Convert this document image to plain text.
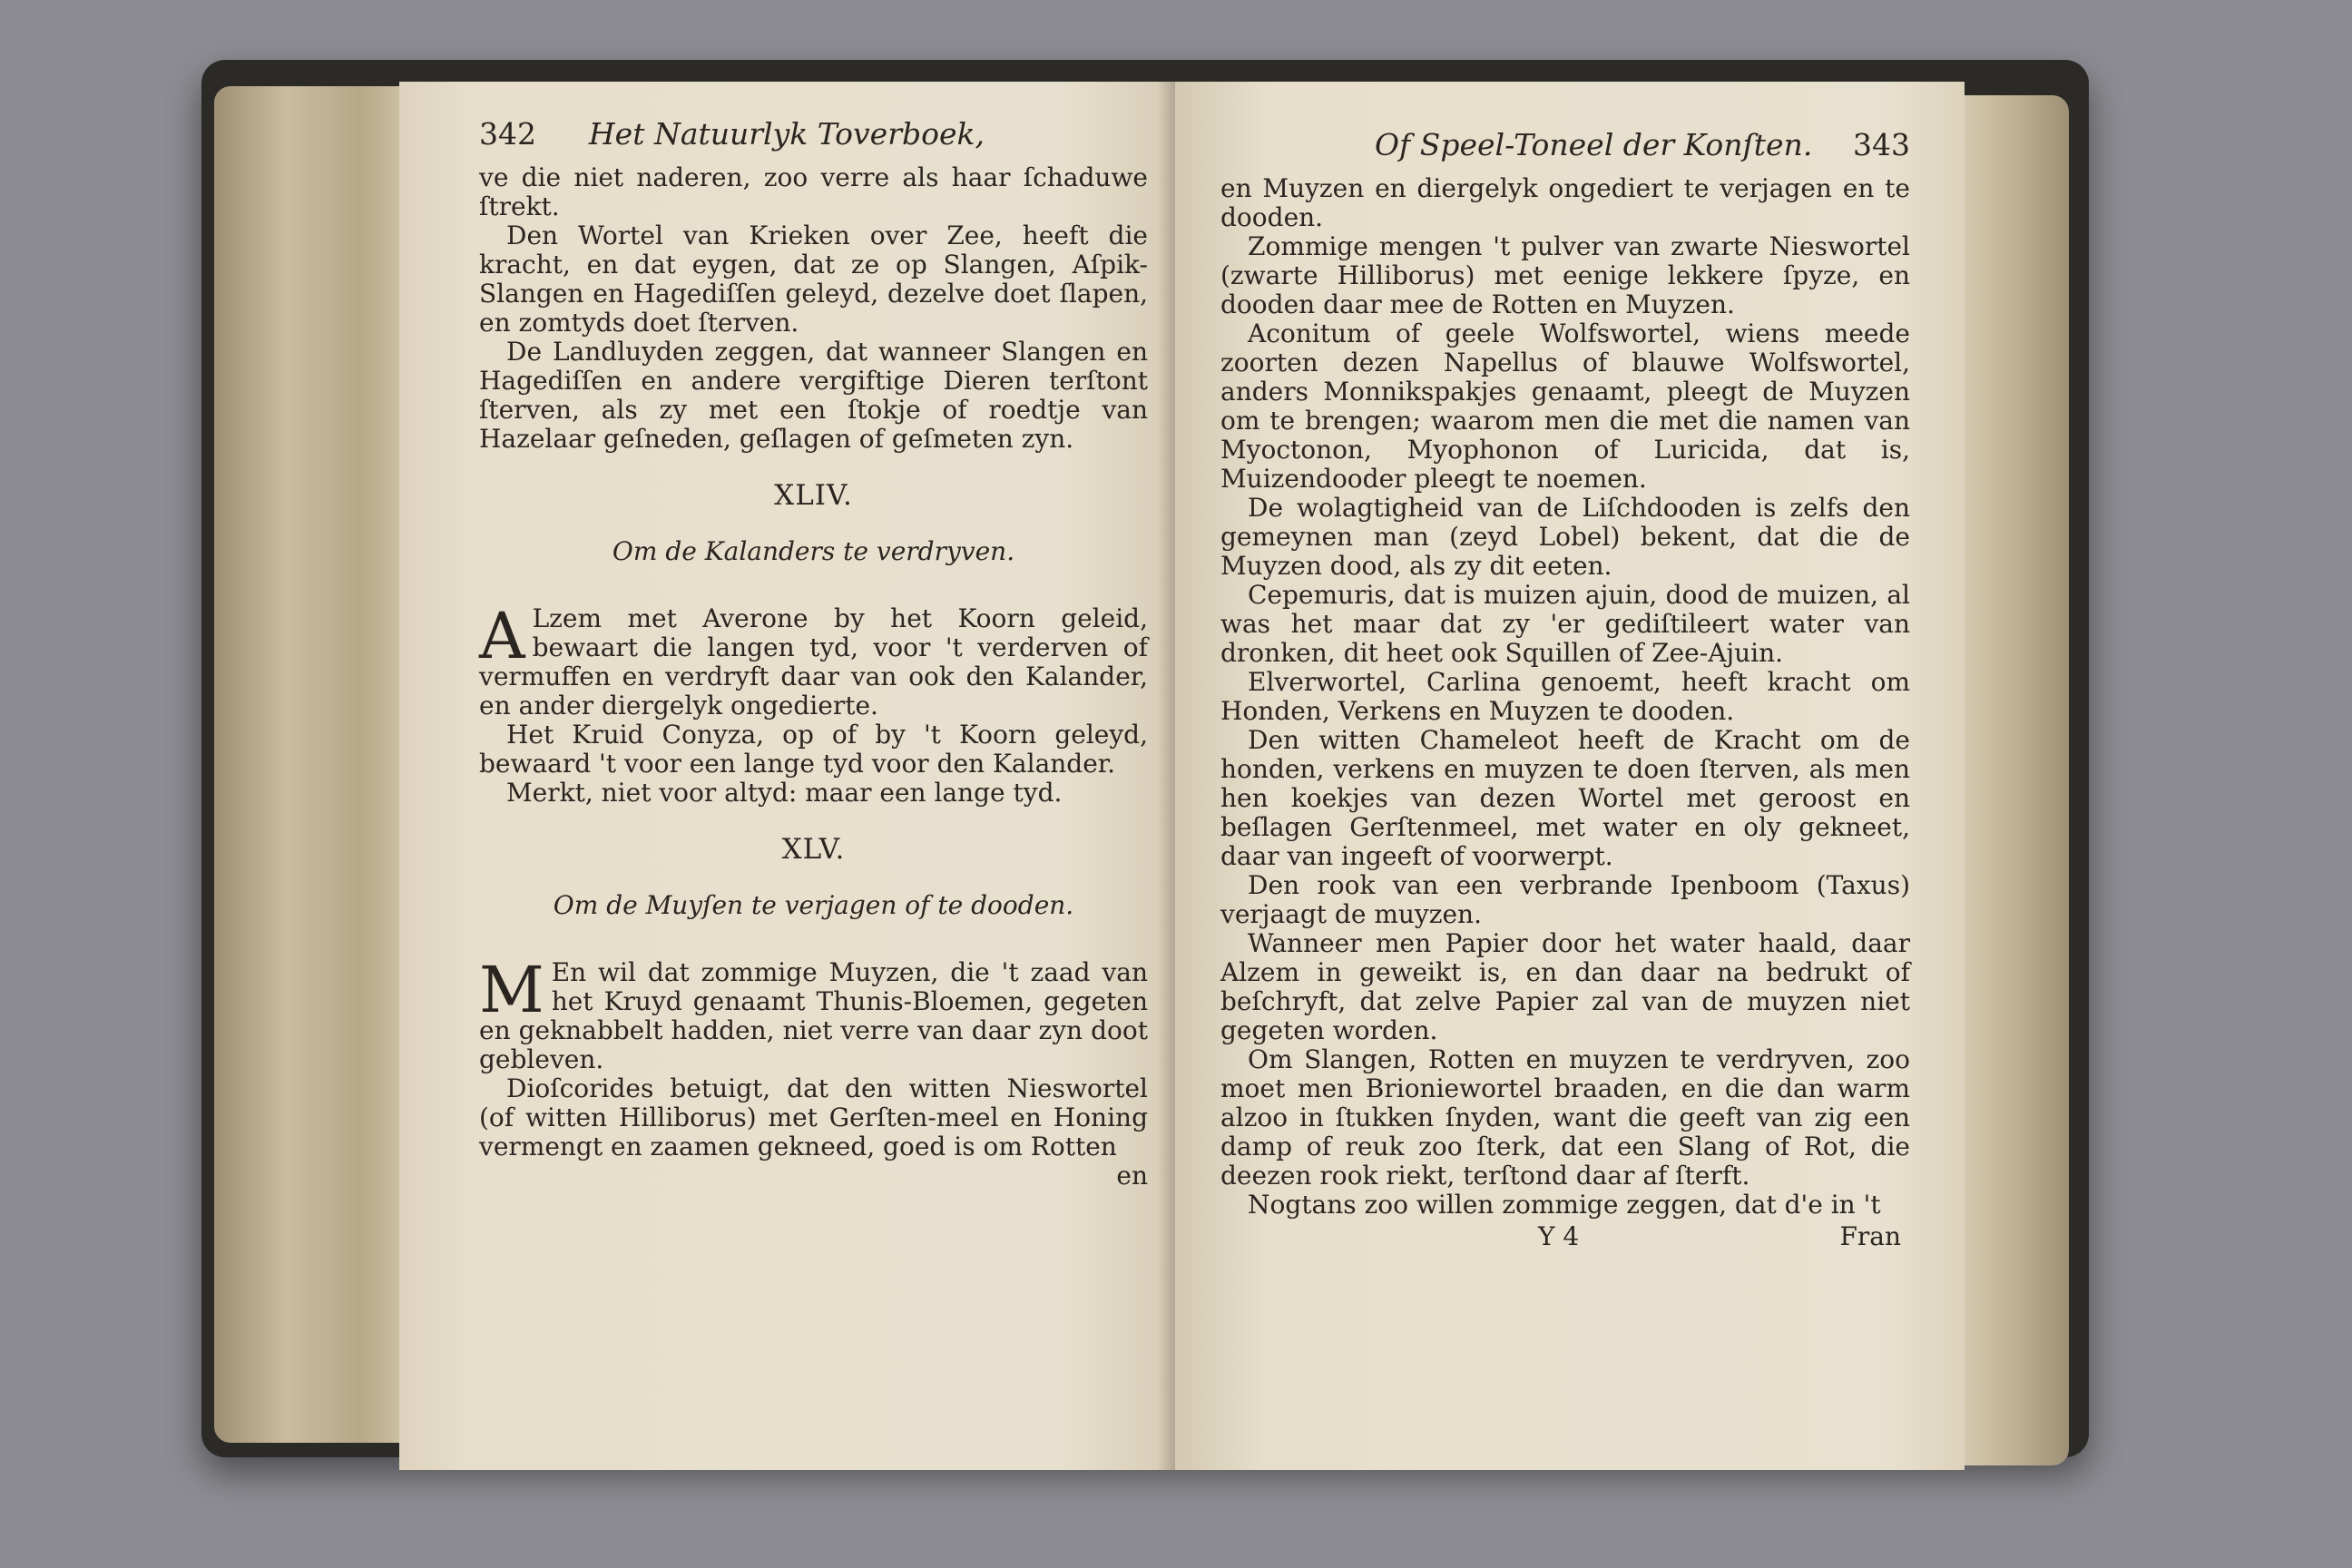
342 Het Natuurlyk Toverboek,

ve die niet naderen, zoo verre als haar ſchaduwe ſtrekt.

Den Wortel van Krieken over Zee, heeft die kracht, en dat eygen, dat ze op Slangen, Aſpik-Slangen en Hagediſſen geleyd, dezelve doet ſlapen, en zomtyds doet ſterven.

De Landluyden zeggen, dat wanneer Slangen en Hagediſſen en andere vergiftige Dieren terſtont ſterven, als zy met een ſtokje of roedtje van Hazelaar geſneden, geſlagen of geſmeten zyn.

XLIV.
Om de Kalanders te verdryven.

A Lzem met Averone by het Koorn geleid, bewaart die langen tyd, voor 't verderven of vermuffen en verdryft daar van ook den Kalander, en ander diergelyk ongedierte.

Het Kruid Conyza, op of by 't Koorn geleyd, bewaard 't voor een lange tyd voor den Kalander.

Merkt, niet voor altyd: maar een lange tyd.

XLV.
Om de Muyſen te verjagen of te dooden.

M En wil dat zommige Muyzen, die 't zaad van het Kruyd genaamt Thunis-Bloemen, gegeten en geknabbelt hadden, niet verre van daar zyn doot gebleven.

Dioſcorides betuigt, dat den witten Nieswortel (of witten Hilliborus) met Gerſten-meel en Honing vermengt en zaamen gekneed, goed is om Rotten

en
Of Speel-Toneel der Konſten. 343

en Muyzen en diergelyk ongediert te verjagen en te dooden.

Zommige mengen 't pulver van zwarte Nieswortel (zwarte Hilliborus) met eenige lekkere ſpyze, en dooden daar mee de Rotten en Muyzen.

Aconitum of geele Wolfswortel, wiens meede zoorten dezen Napellus of blauwe Wolfswortel, anders Monnikspakjes genaamt, pleegt de Muyzen om te brengen; waarom men die met die namen van Myoctonon, Myophonon of Luricida, dat is, Muizendooder pleegt te noemen.

De wolagtigheid van de Liſchdooden is zelfs den gemeynen man (zeyd Lobel) bekent, dat die de Muyzen dood, als zy dit eeten.

Cepemuris, dat is muizen ajuin, dood de muizen, al was het maar dat zy 'er gediſtileert water van dronken, dit heet ook Squillen of Zee-Ajuin.

Elverwortel, Carlina genoemt, heeft kracht om Honden, Verkens en Muyzen te dooden.

Den witten Chameleot heeft de Kracht om de honden, verkens en muyzen te doen ſterven, als men hen koekjes van dezen Wortel met geroost en beſlagen Gerſtenmeel, met water en oly gekneet, daar van ingeeft of voorwerpt.

Den rook van een verbrande Ipenboom (Taxus) verjaagt de muyzen.

Wanneer men Papier door het water haald, daar Alzem in geweikt is, en dan daar na bedrukt of beſchryft, dat zelve Papier zal van de muyzen niet gegeten worden.

Om Slangen, Rotten en muyzen te verdryven, zoo moet men Brioniewortel braaden, en die dan warm alzoo in ſtukken ſnyden, want die geeft van zig een damp of reuk zoo ſterk, dat een Slang of Rot, die deezen rook riekt, terſtond daar af ſterft.

Nogtans zoo willen zommige zeggen, dat d'e in 't

Y 4	Fran
